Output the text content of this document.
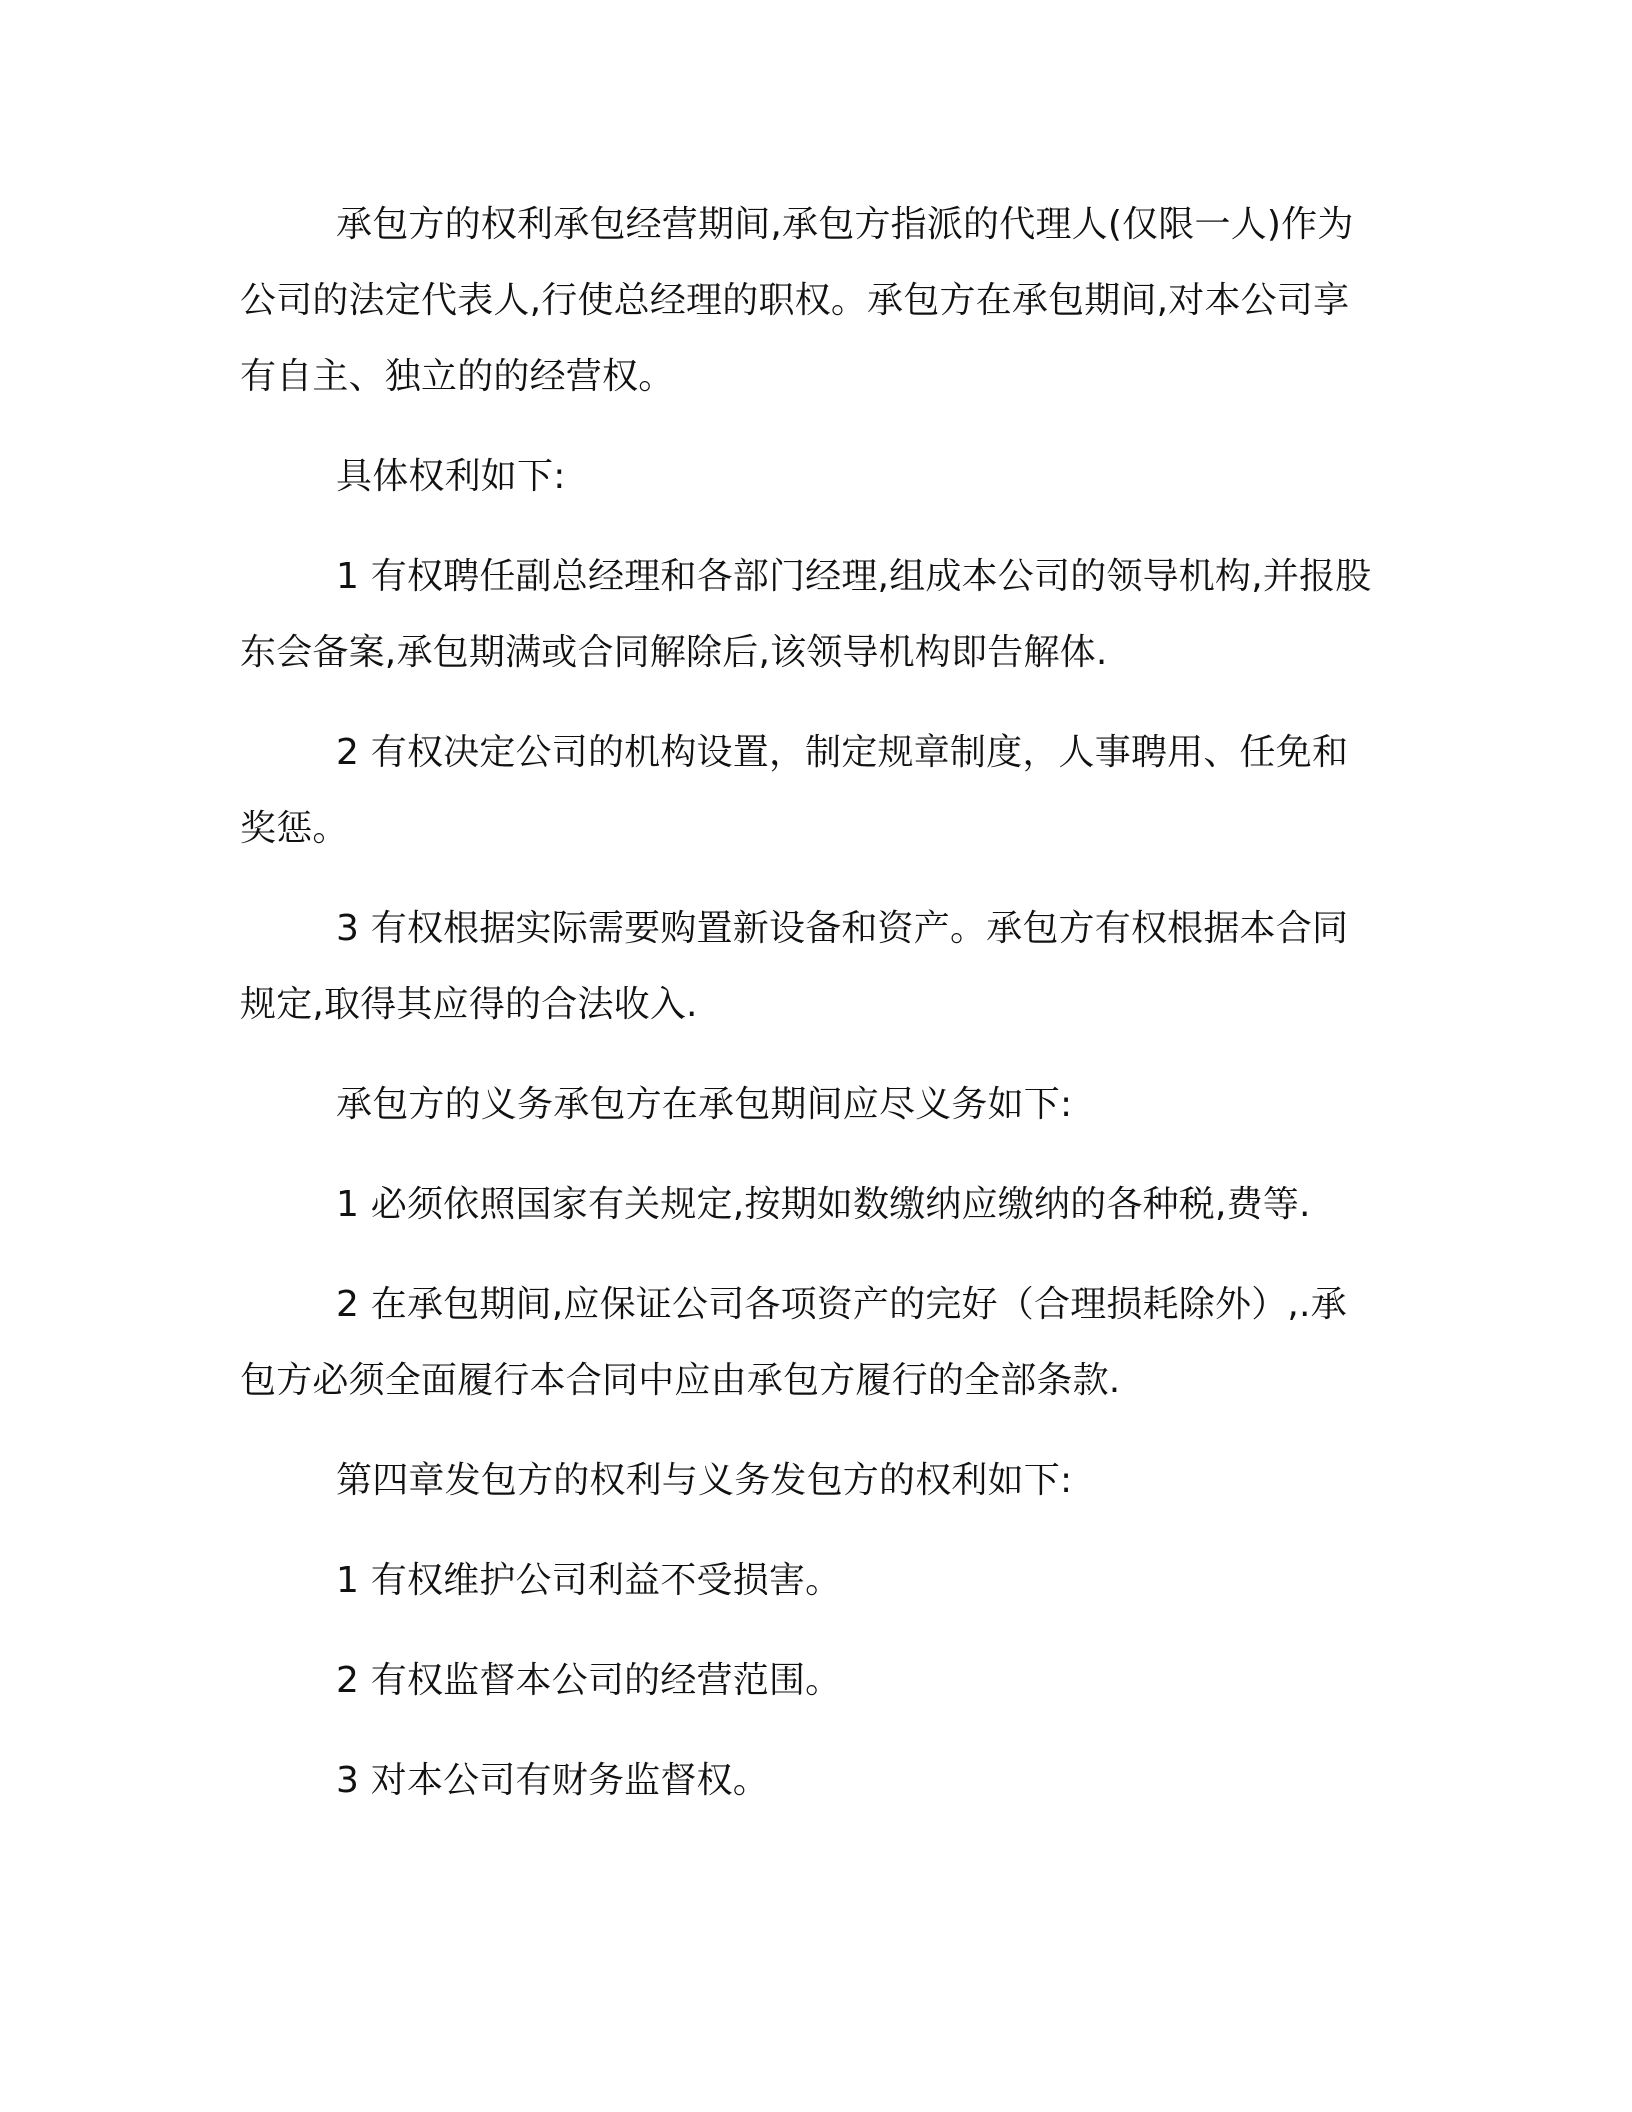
承包方的权利承包经营期间,承包方指派的代理人(仅限一人)作为公司的法定代表人,行使总经理的职权。承包方在承包期间,对本公司享有自主、独立的的经营权。

具体权利如下:

1 有权聘任副总经理和各部门经理,组成本公司的领导机构,并报股东会备案,承包期满或合同解除后,该领导机构即告解体.

2 有权决定公司的机构设置，制定规章制度，人事聘用、任免和奖惩。

3 有权根据实际需要购置新设备和资产。承包方有权根据本合同规定,取得其应得的合法收入.

承包方的义务承包方在承包期间应尽义务如下:

1 必须依照国家有关规定,按期如数缴纳应缴纳的各种税,费等.

2 在承包期间,应保证公司各项资产的完好（合理损耗除外）,.承包方必须全面履行本合同中应由承包方履行的全部条款.

第四章发包方的权利与义务发包方的权利如下:

1 有权维护公司利益不受损害。

2 有权监督本公司的经营范围。

3 对本公司有财务监督权。
